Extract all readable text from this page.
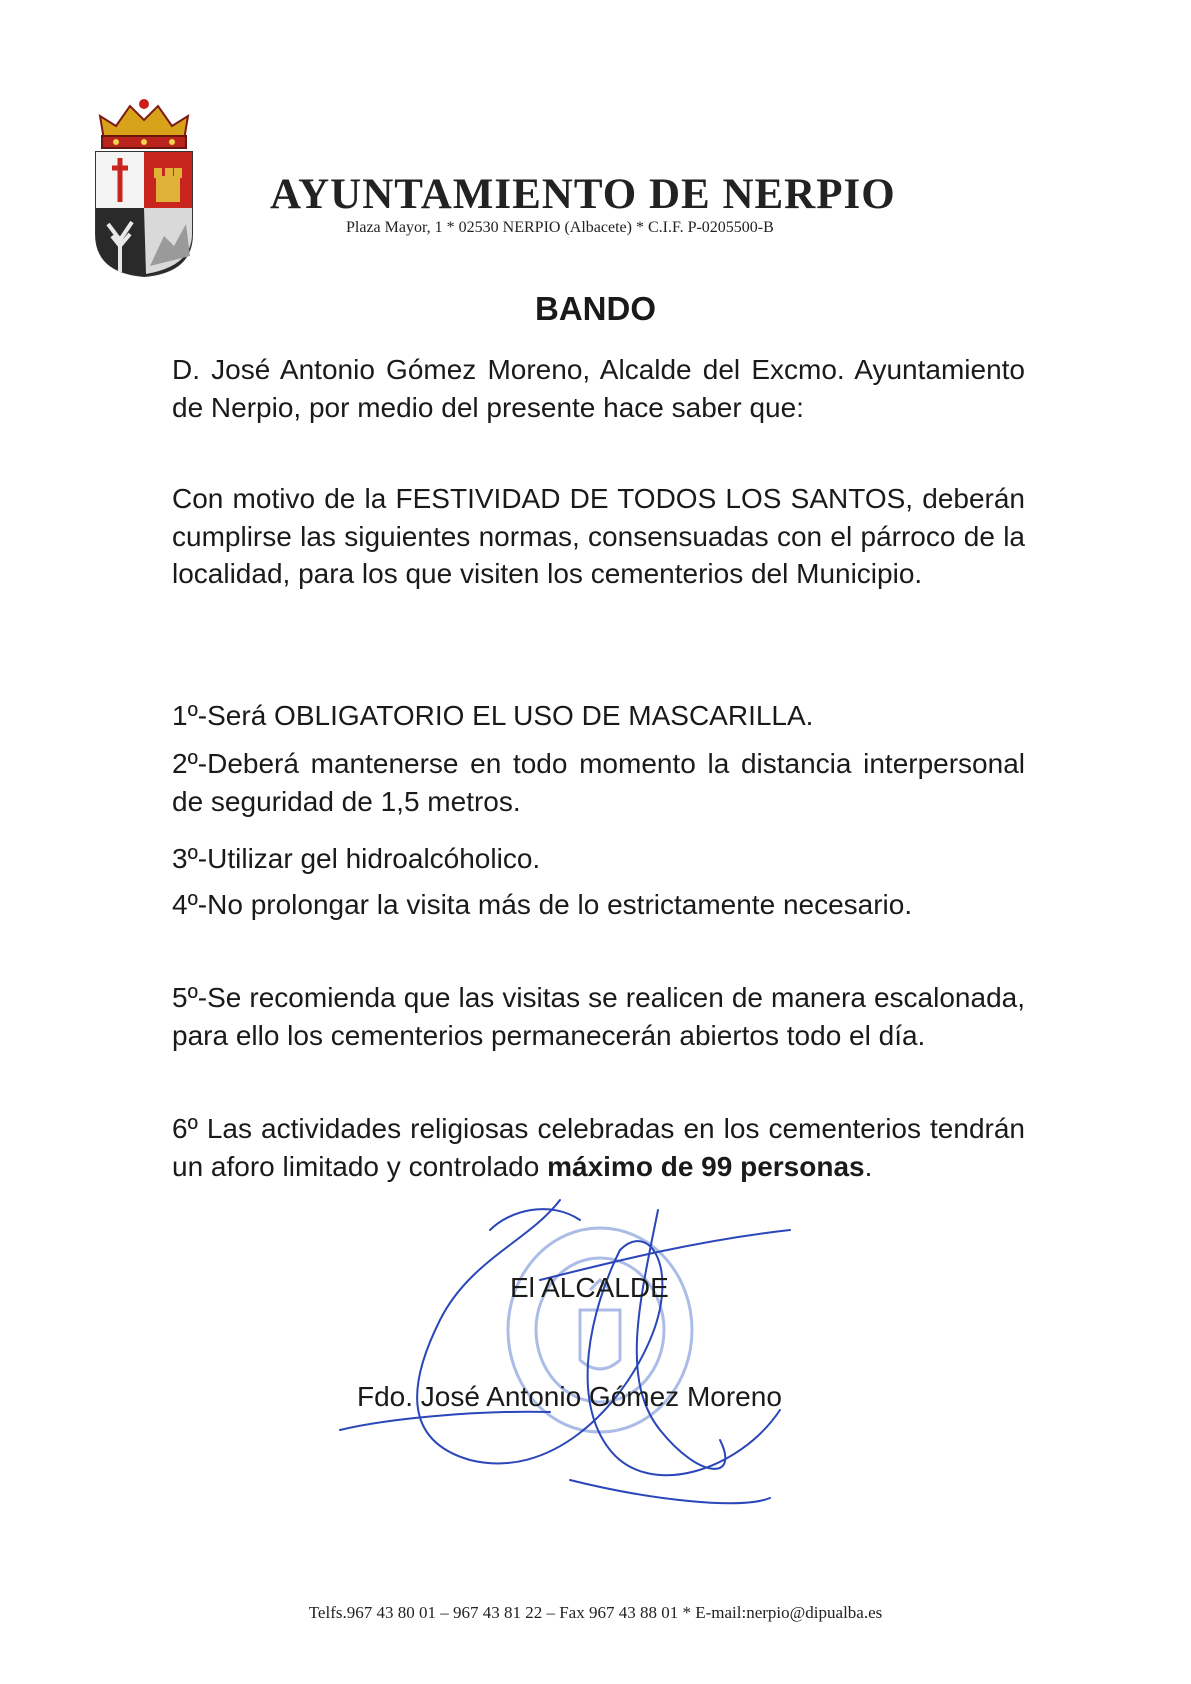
AYUNTAMIENTO DE NERPIO
Plaza Mayor, 1 * 02530 NERPIO (Albacete) * C.I.F. P-0205500-B
BANDO

D. José Antonio Gómez Moreno, Alcalde del Excmo. Ayuntamiento de Nerpio, por medio del presente hace saber que:

Con motivo de la FESTIVIDAD DE TODOS LOS SANTOS, deberán cumplirse las siguientes normas, consensuadas con el párroco de la localidad, para los que visiten los cementerios del Municipio.

1º-Será OBLIGATORIO EL USO DE MASCARILLA.

2º-Deberá mantenerse en todo momento la distancia interpersonal de seguridad de 1,5 metros.

3º-Utilizar gel hidroalcóholico.

4º-No prolongar la visita más de lo estrictamente necesario.

5º-Se recomienda que las visitas se realicen de manera escalonada, para ello los cementerios permanecerán abiertos todo el día.

6º Las actividades religiosas celebradas en los cementerios tendrán un aforo limitado y controlado máximo de 99 personas.

El ALCALDE
Fdo. José Antonio Gómez Moreno
Telfs.967 43 80 01 – 967 43 81 22 – Fax 967 43 88 01 * E-mail:nerpio@dipualba.es
